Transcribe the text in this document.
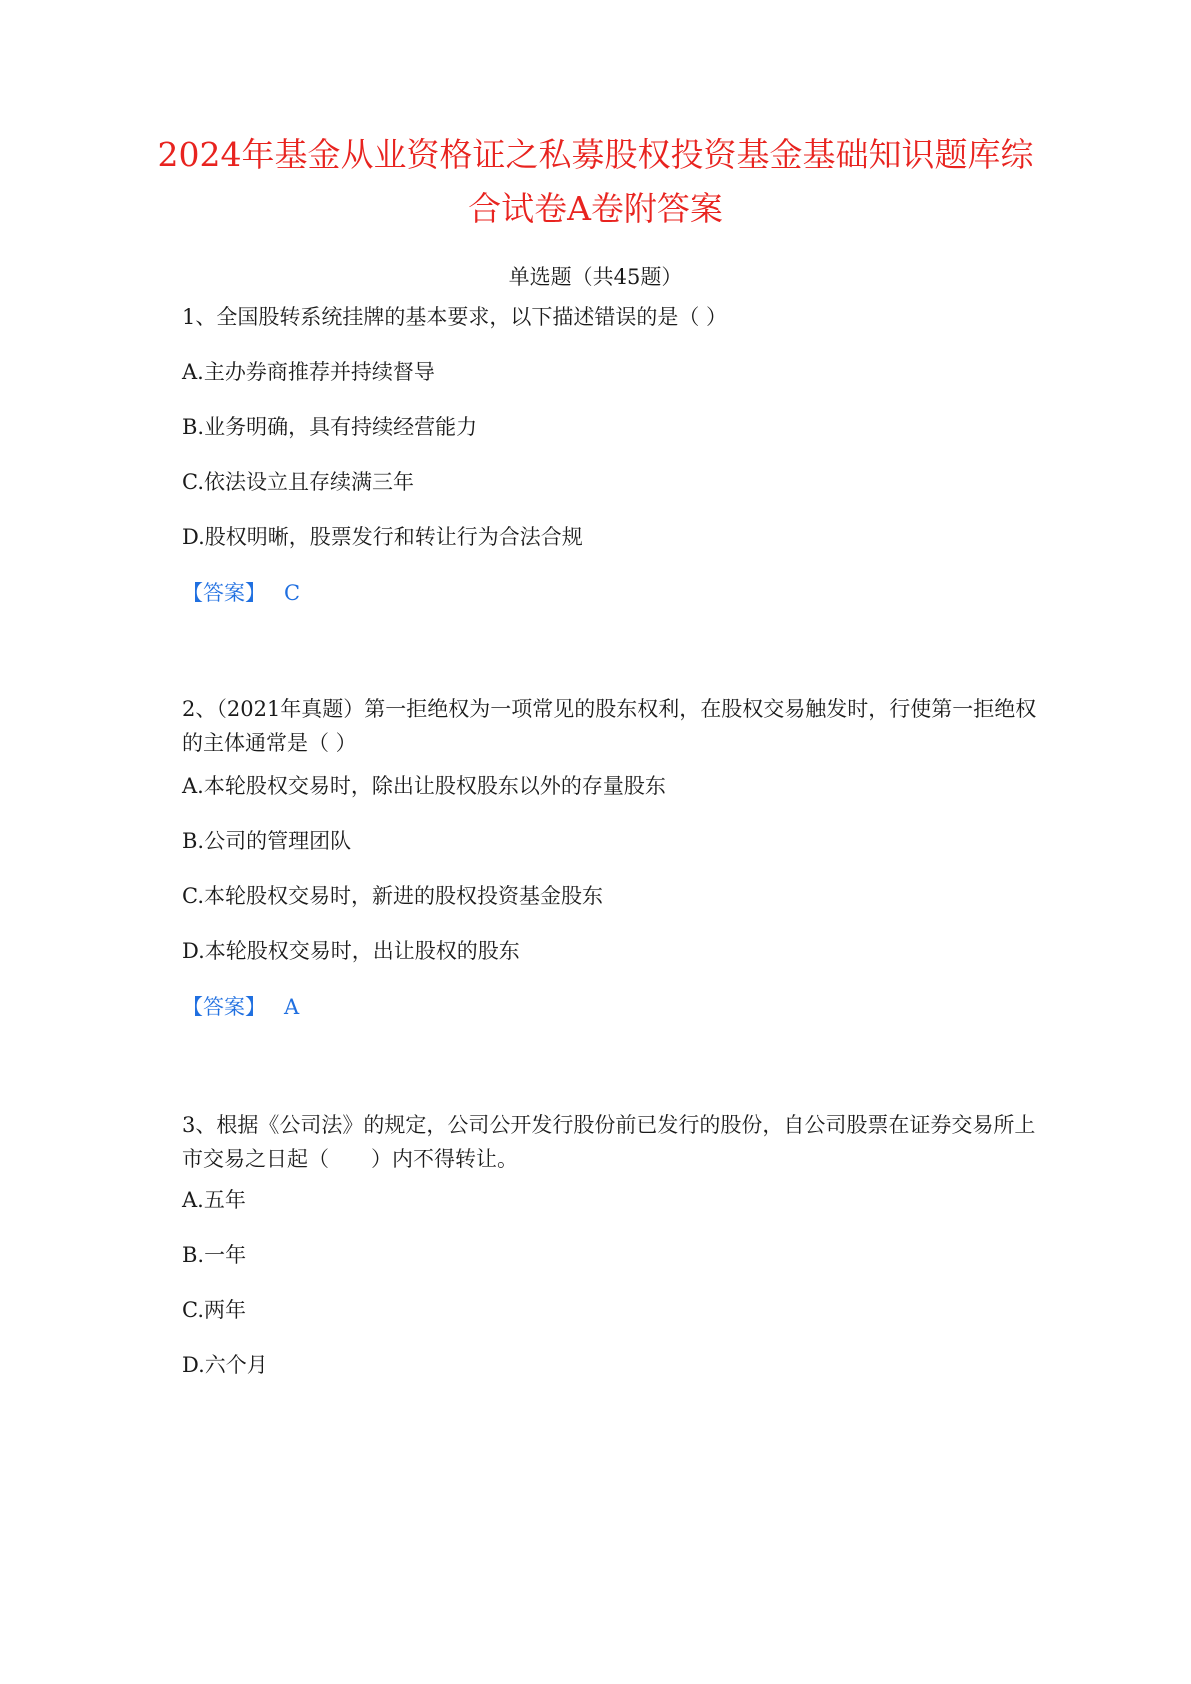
2024年基金从业资格证之私募股权投资基金基础知识题库综合试卷A卷附答案

单选题（共45题）

1、全国股转系统挂牌的基本要求，以下描述错误的是（ ）

A.主办券商推荐并持续督导

B.业务明确，具有持续经营能力

C.依法设立且存续满三年

D.股权明晰，股票发行和转让行为合法合规

【答案】 C

2、（2021年真题）第一拒绝权为一项常见的股东权利，在股权交易触发时，行使第一拒绝权的主体通常是（ ）

A.本轮股权交易时，除出让股权股东以外的存量股东

B.公司的管理团队

C.本轮股权交易时，新进的股权投资基金股东

D.本轮股权交易时，出让股权的股东

【答案】 A

3、根据《公司法》的规定，公司公开发行股份前已发行的股份，自公司股票在证券交易所上市交易之日起（　　）内不得转让。

A.五年

B.一年

C.两年

D.六个月
